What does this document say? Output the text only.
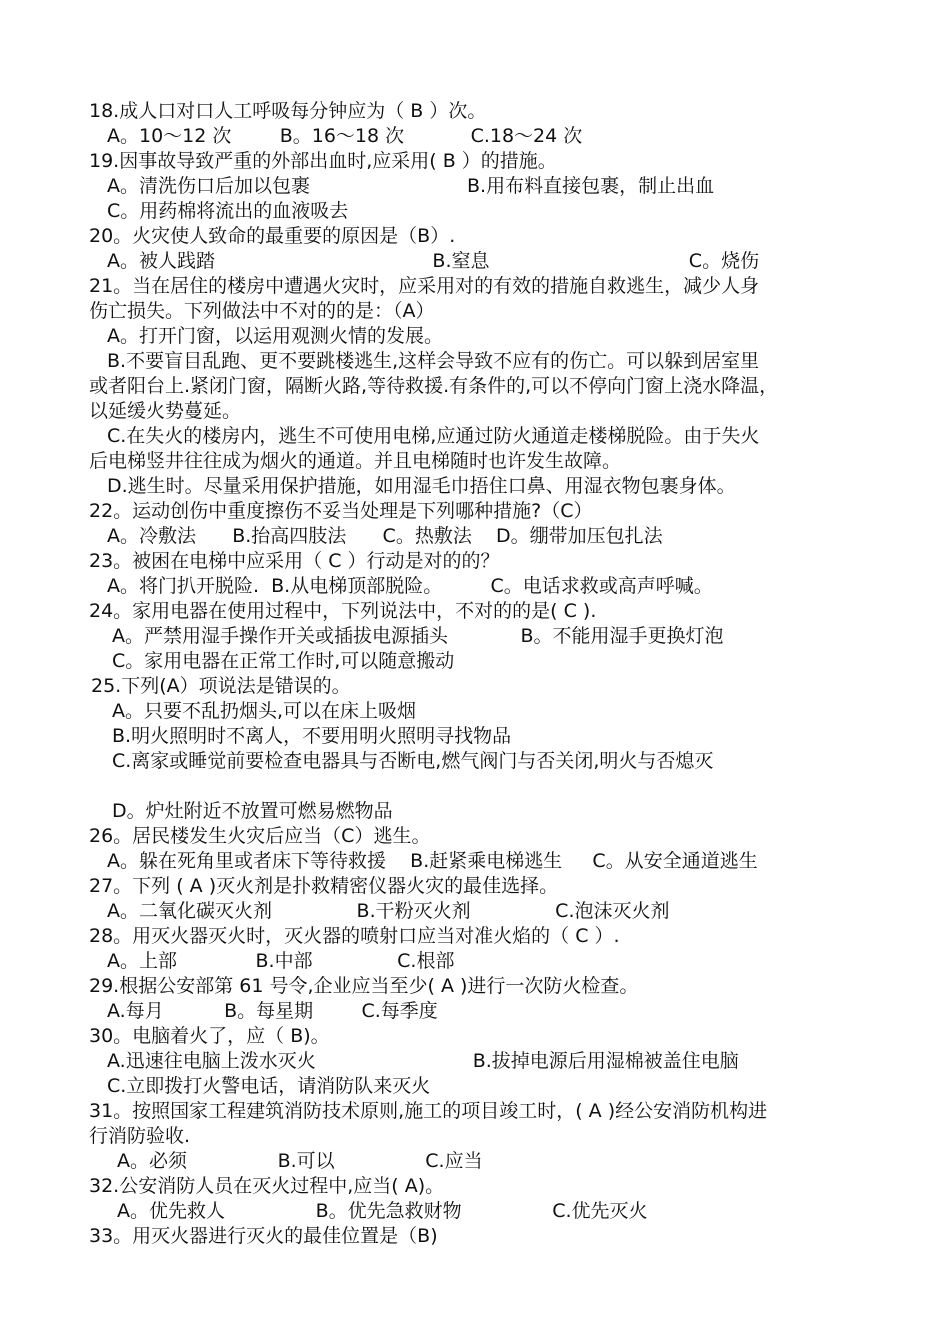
18.成人口对口人工呼吸每分钟应为（ B ）次。
A。10～12 次        B。16～18 次           C.18～24 次
19.因事故导致严重的外部出血时,应采用( B ）的措施。
A。清洗伤口后加以包裹                          B.用布料直接包裹，制止出血
C。用药棉将流出的血液吸去
20。火灾使人致命的最重要的原因是（B）.
A。被人践踏                                    B.窒息                                 C。烧伤
21。当在居住的楼房中遭遇火灾时，应采用对的有效的措施自救逃生，减少人身
伤亡损失。下列做法中不对的的是：（A）
A。打开门窗，以运用观测火情的发展。
B.不要盲目乱跑、更不要跳楼逃生,这样会导致不应有的伤亡。可以躲到居室里
或者阳台上.紧闭门窗，隔断火路,等待救援.有条件的,可以不停向门窗上浇水降温，
以延缓火势蔓延。
C.在失火的楼房内，逃生不可使用电梯,应通过防火通道走楼梯脱险。由于失火
后电梯竖井往往成为烟火的通道。并且电梯随时也许发生故障。
D.逃生时。尽量采用保护措施，如用湿毛巾捂住口鼻、用湿衣物包裹身体。
22。运动创伤中重度擦伤不妥当处理是下列哪种措施?（C）
A。冷敷法      B.抬高四肢法      C。热敷法    D。绷带加压包扎法
23。被困在电梯中应采用（ C ）行动是对的的？
A。将门扒开脱险.  B.从电梯顶部脱险。        C。电话求救或高声呼喊。
24。家用电器在使用过程中，下列说法中，不对的的是( C ).
A。严禁用湿手操作开关或插拔电源插头            B。不能用湿手更换灯泡
C。家用电器在正常工作时,可以随意搬动
25.下列(A）项说法是错误的。
A。只要不乱扔烟头,可以在床上吸烟
B.明火照明时不离人，不要用明火照明寻找物品
C.离家或睡觉前要检查电器具与否断电,燃气阀门与否关闭,明火与否熄灭
D。炉灶附近不放置可燃易燃物品
26。居民楼发生火灾后应当（C）逃生。
A。躲在死角里或者床下等待救援    B.赶紧乘电梯逃生     C。从安全通道逃生
27。下列 ( A )灭火剂是扑救精密仪器火灾的最佳选择。
A。二氧化碳灭火剂              B.干粉灭火剂              C.泡沫灭火剂
28。用灭火器灭火时，灭火器的喷射口应当对准火焰的（ C ）.
A。上部             B.中部              C.根部
29.根据公安部第 61 号令,企业应当至少( A )进行一次防火检查。
A.每月          B。每星期        C.每季度
30。电脑着火了，应（ B)。
A.迅速往电脑上泼水灭火                          B.拔掉电源后用湿棉被盖住电脑
C.立即拨打火警电话，请消防队来灭火
31。按照国家工程建筑消防技术原则,施工的项目竣工时，( A )经公安消防机构进
行消防验收.
A。必须               B.可以               C.应当
32.公安消防人员在灭火过程中,应当( A)。
A。优先救人               B。优先急救财物               C.优先灭火
33。用灭火器进行灭火的最佳位置是（B)
